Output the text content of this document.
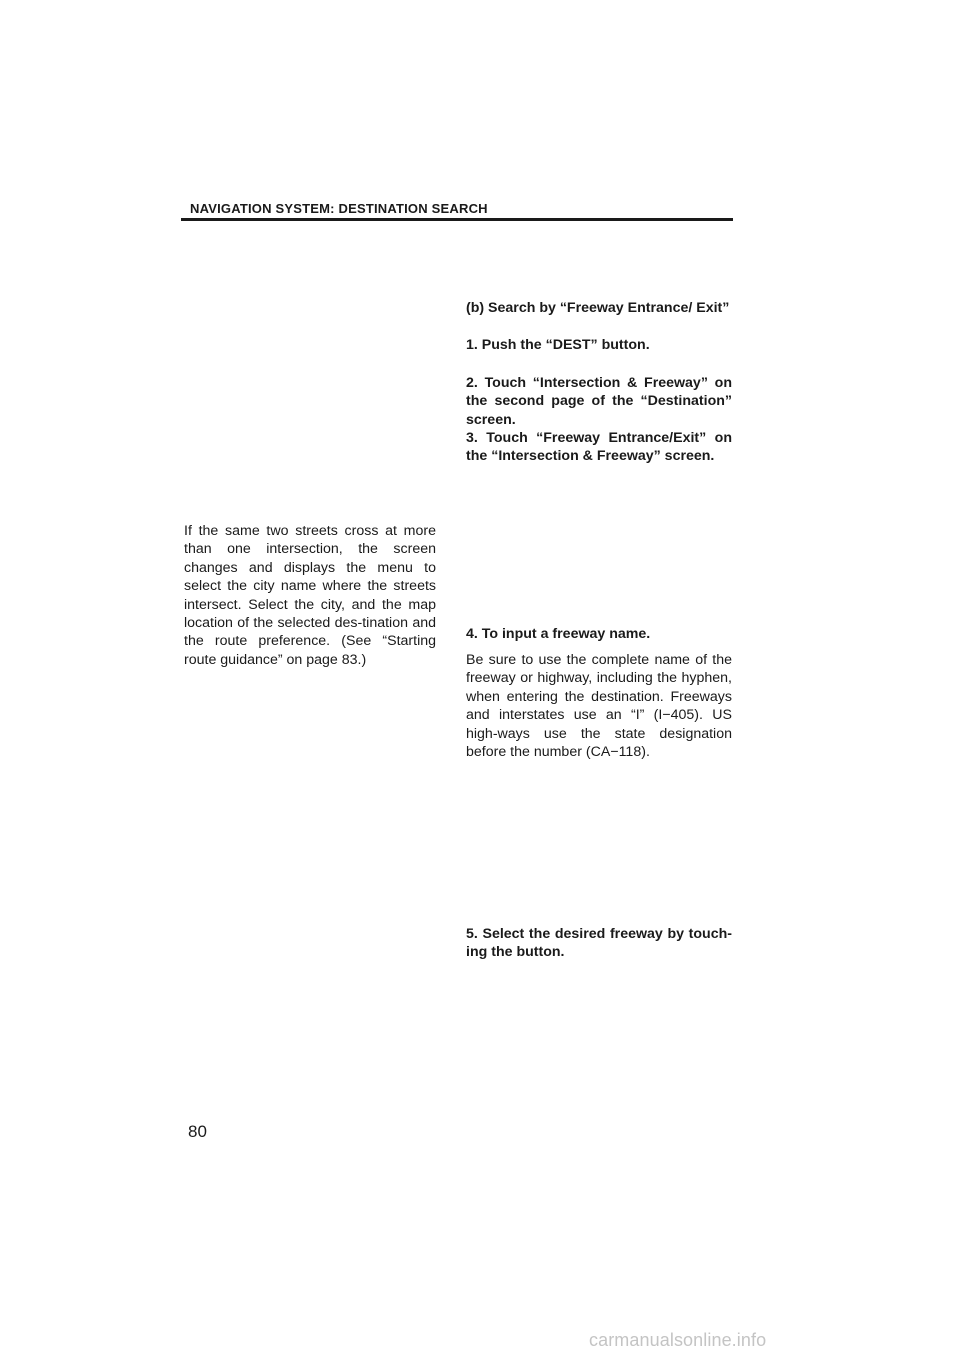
NAVIGATION SYSTEM: DESTINATION SEARCH

If the same two streets cross at more than one intersection, the screen changes and displays the menu to select the city name where the streets intersect. Select the city, and the map location of the selected des-tination and the route preference. (See “Starting route guidance” on page 83.)

(b) Search by “Freeway Entrance/ Exit”

1. Push the “DEST” button.

2. Touch “Intersection & Freeway” on the second page of the “Destination” screen.

3. Touch “Freeway Entrance/Exit” on the “Intersection & Freeway” screen.

4. To input a freeway name.

Be sure to use the complete name of the freeway or highway, including the hyphen, when entering the destination. Freeways and interstates use an “I” (I−405). US high-ways use the state designation before the number (CA−118).

5. Select the desired freeway by touch-ing the button.

80
carmanualsonline.info
